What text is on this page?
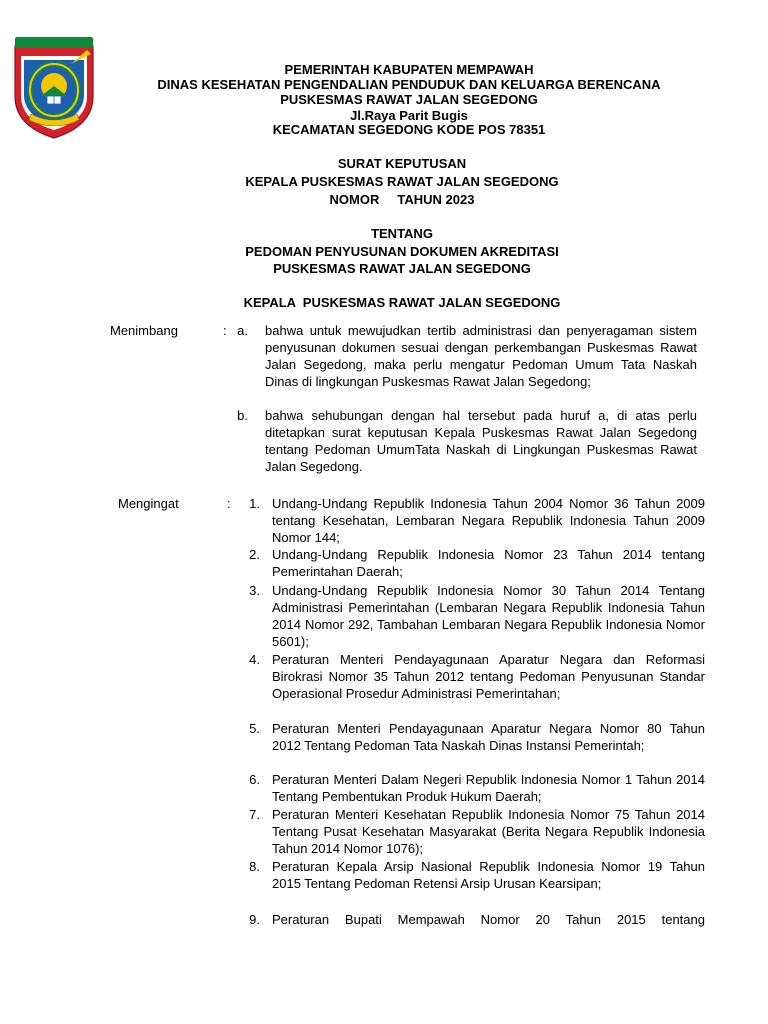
PEMERINTAH KABUPATEN MEMPAWAH
DINAS KESEHATAN PENGENDALIAN PENDUDUK DAN KELUARGA BERENCANA
PUSKESMAS RAWAT JALAN SEGEDONG
Jl.Raya Parit Bugis
KECAMATAN SEGEDONG KODE POS 78351
SURAT KEPUTUSAN
KEPALA PUSKESMAS RAWAT JALAN SEGEDONG
NOMOR     TAHUN 2023
TENTANG
PEDOMAN PENYUSUNAN DOKUMEN AKREDITASI
PUSKESMAS RAWAT JALAN SEGEDONG
KEPALA  PUSKESMAS RAWAT JALAN SEGEDONG
Menimbang	: a. bahwa untuk mewujudkan tertib administrasi dan penyeragaman sistem penyusunan dokumen sesuai dengan perkembangan Puskesmas Rawat Jalan Segedong, maka perlu mengatur Pedoman Umum Tata Naskah Dinas di lingkungan Puskesmas Rawat Jalan Segedong;

b. bahwa sehubungan dengan hal tersebut pada huruf a, di atas perlu ditetapkan surat keputusan Kepala Puskesmas Rawat Jalan Segedong tentang Pedoman UmumTata Naskah di Lingkungan Puskesmas Rawat Jalan Segedong.

Mengingat	:	1. Undang-Undang Republik Indonesia Tahun 2004 Nomor 36 Tahun 2009 tentang Kesehatan, Lembaran Negara Republik Indonesia Tahun 2009 Nomor 144;

2. Undang-Undang Republik Indonesia Nomor 23 Tahun 2014 tentang Pemerintahan Daerah;

3. Undang-Undang Republik Indonesia Nomor 30 Tahun 2014 Tentang Administrasi Pemerintahan (Lembaran Negara Republik Indonesia Tahun 2014 Nomor 292, Tambahan Lembaran Negara Republik Indonesia Nomor 5601);

4. Peraturan Menteri Pendayagunaan Aparatur Negara dan Reformasi Birokrasi Nomor 35 Tahun 2012 tentang Pedoman Penyusunan Standar Operasional Prosedur Administrasi Pemerintahan;

5. Peraturan Menteri Pendayagunaan Aparatur Negara Nomor 80 Tahun 2012 Tentang Pedoman Tata Naskah Dinas Instansi Pemerintah;

6. Peraturan Menteri Dalam Negeri Republik Indonesia Nomor 1 Tahun 2014 Tentang Pembentukan Produk Hukum Daerah;

7. Peraturan Menteri Kesehatan Republik Indonesia Nomor 75 Tahun 2014 Tentang Pusat Kesehatan Masyarakat (Berita Negara Republik Indonesia Tahun 2014 Nomor 1076);

8. Peraturan Kepala Arsip Nasional Republik Indonesia Nomor 19 Tahun 2015 Tentang Pedoman Retensi Arsip Urusan Kearsipan;

9. Peraturan Bupati Mempawah Nomor 20 Tahun 2015 tentang
